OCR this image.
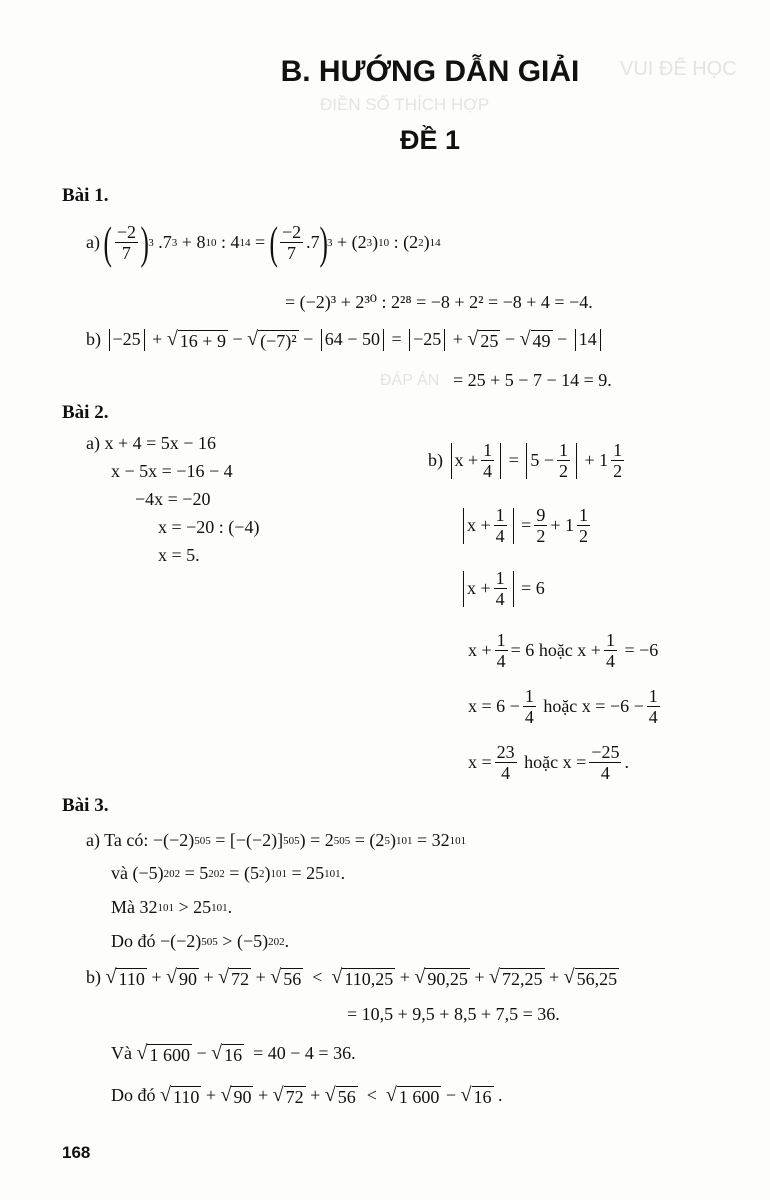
VUI ĐỂ HỌC
ĐIỀN SỐ THÍCH HỢP
ĐÁP ÁN
B. HƯỚNG DẪN GIẢI
ĐỀ 1
Bài 1.
a)
( $\frac{-2}{7}$ ) 3 .7 3 + 8 10 : 4 14 = ( $\frac{-2}{7} .7$ ) 3 + (2 3 ) 10 : (2 2 ) 14
= (−2)³ + 2³⁰ : 2²⁸ = −8 + 2² = −8 + 4 = −4.
b)
−25
+ √ 16 + 9 − √ (−7)² −
64 − 50
=
−25
+ √ 25 − √ 49 −
14
= 25 + 5 − 7 − 14 = 9.
Bài 2.
a) x + 4 = 5x − 16
x − 5x = −16 − 4
−4x = −20
x = −20 : (−4)
x = 5.
b)
$x + \frac{1}{4}$ =
$5 - \frac{1}{2} + 1 \frac{1}{2}$
$x + \frac{1}{4} = \frac{9}{2} + 1 \frac{1}{2}$
$x + \frac{1}{4} = 6$
$x + \frac{1}{4} = 6$ hoặc $x + \frac{1}{4} = -6$
$x = 6 - \frac{1}{4}$
hoặc $x = -6 - \frac{1}{4}$
$x = \frac{23}{4}$
hoặc $x = \frac{-25}{4}$ .
Bài 3.
a) Ta có: −(−2) 505 = [−(−2)] 505 ) = 2 505 = (2 5 ) 101 = 32 101
và (−5) 202 = 5 202 = (5 2 ) 101 = 25 101 .
Mà 32 101 > 25 101 .
Do đó −(−2) 505 > (−5) 202 .
b)
√ 110 + √ 90 + √ 72 + √ 56 < √ 110,25 + √ 90,25 + √ 72,25 + √ 56,25
= 10,5 + 9,5 + 8,5 + 7,5 = 36.
Và
√ 1 600 − √ 16
= 40 − 4 = 36.
Do đó
√ 110 + √ 90 + √ 72 + √ 56 < √ 1 600 − √ 16 .
168
